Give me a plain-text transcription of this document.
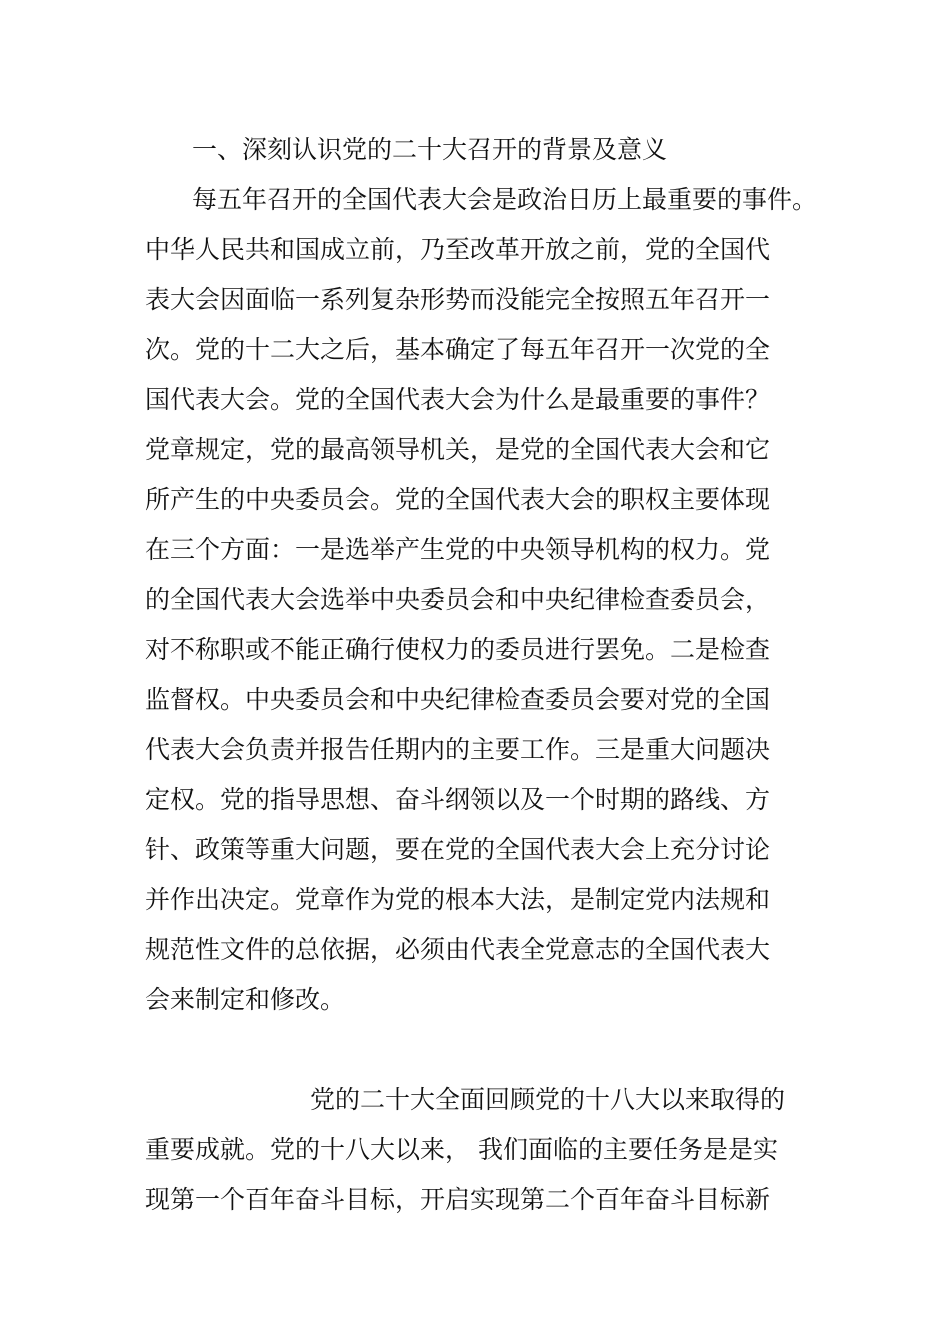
一、深刻认识党的二十大召开的背景及意义

每五年召开的全国代表大会是政治日历上最重要的事件。

中华人民共和国成立前，乃至改革开放之前，党的全国代

表大会因面临一系列复杂形势而没能完全按照五年召开一

次。党的十二大之后，基本确定了每五年召开一次党的全

国代表大会。党的全国代表大会为什么是最重要的事件？

党章规定，党的最高领导机关，是党的全国代表大会和它

所产生的中央委员会。党的全国代表大会的职权主要体现

在三个方面：一是选举产生党的中央领导机构的权力。党

的全国代表大会选举中央委员会和中央纪律检查委员会，

对不称职或不能正确行使权力的委员进行罢免。二是检查

监督权。中央委员会和中央纪律检查委员会要对党的全国

代表大会负责并报告任期内的主要工作。三是重大问题决

定权。党的指导思想、奋斗纲领以及一个时期的路线、方

针、政策等重大问题，要在党的全国代表大会上充分讨论

并作出决定。党章作为党的根本大法，是制定党内法规和

规范性文件的总依据，必须由代表全党意志的全国代表大

会来制定和修改。

党的二十大全面回顾党的十八大以来取得的

重要成就。党的十八大以来， 我们面临的主要任务是是实

现第一个百年奋斗目标，开启实现第二个百年奋斗目标新
